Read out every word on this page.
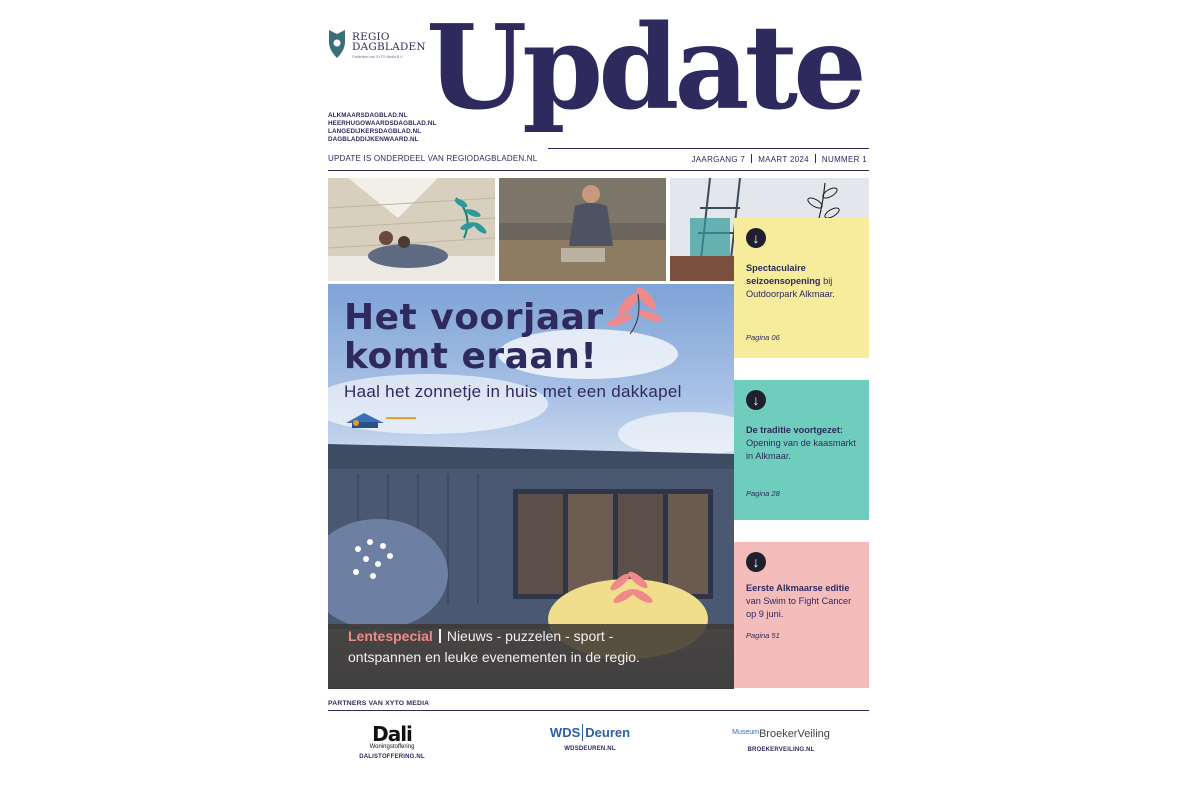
REGIO
DAGBLADEN
Onderdeel van XYTO Media B.V.
ALKMAARSDAGBLAD.NL
HEERHUGOWAARDSDAGBLAD.NL
LANGEDIJKERSDAGBLAD.NL
DAGBLADDIJKENWAARD.NL
Update
UPDATE IS ONDERDEEL VAN REGIODAGBLADEN.NL	JAARGANG 7 MAART 2024 NUMMER 1
Het voorjaar
komt eraan!
Haal het zonnetje in huis met een dakkapel
▬▬▬▬▬
Lentespecial Nieuws - puzzelen - sport -
ontspannen en leuke evenementen in de regio.
↓
Spectaculaire seizoensopening bij Outdoorpark Alkmaar.
Pagina 06
↓
De traditie voortgezet: Opening van de kaasmarkt in Alkmaar.
Pagina 28
↓
Eerste Alkmaarse editie van Swim to Fight Cancer op 9 juni.
Pagina 51
PARTNERS VAN XYTO MEDIA
Dali
Woningstoffering
DALISTOFFERING.NL
WDS Deuren
WDSDEUREN.NL
$^{Museum}$BroekerVeiling
BROEKERVEILING.NL
